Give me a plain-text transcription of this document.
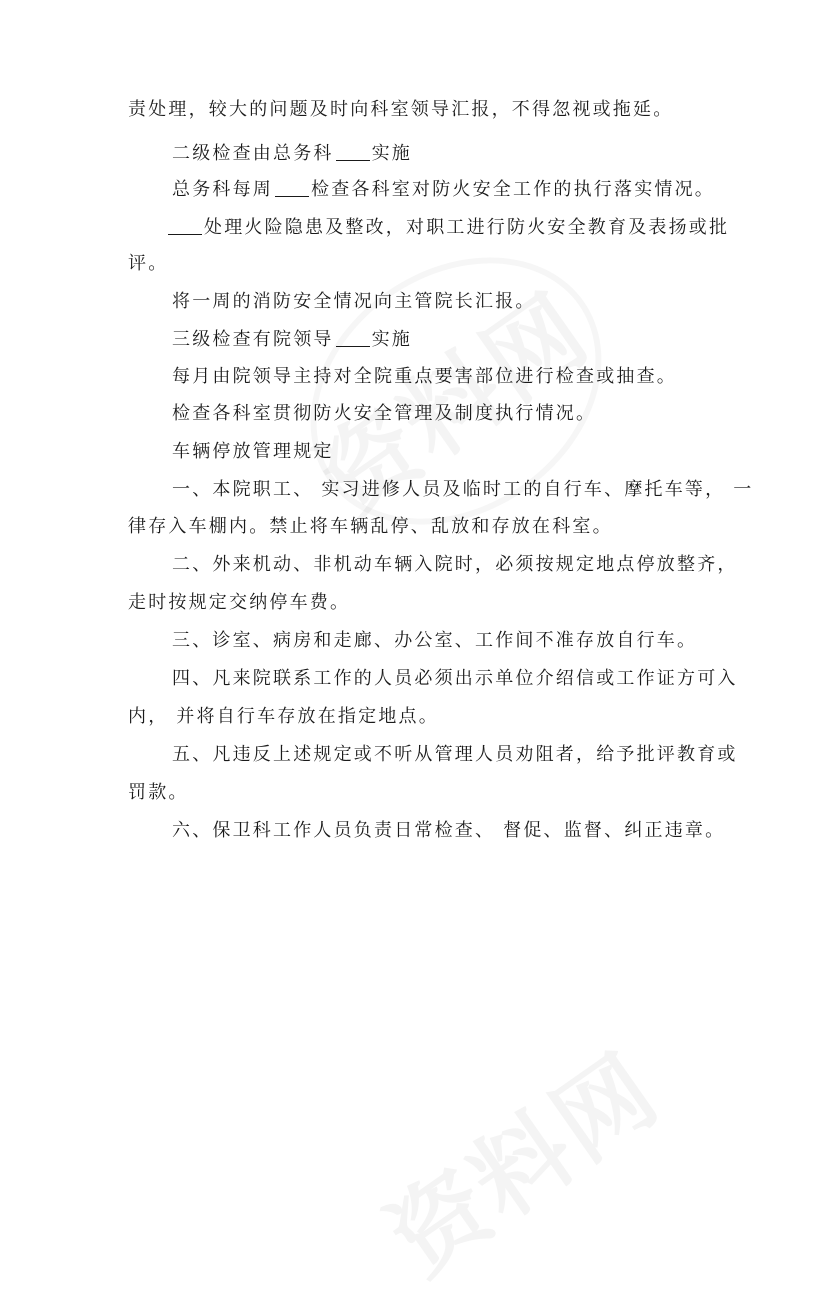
责处理，较大的问题及时向科室领导汇报，不得忽视或拖延。
二级检查由总务科 实施
总务科每周 检查各科室对防火安全工作的执行落实情况。
处理火险隐患及整改，对职工进行防火安全教育及表扬或批
评。
将一周的消防安全情况向主管院长汇报。
三级检查有院领导 实施
每月由院领导主持对全院重点要害部位进行检查或抽查。
检查各科室贯彻防火安全管理及制度执行情况。
车辆停放管理规定
一、本院职工、 实习进修人员及临时工的自行车、摩托车等， 一
律存入车棚内。禁止将车辆乱停、乱放和存放在科室。
二、外来机动、非机动车辆入院时，必须按规定地点停放整齐，
走时按规定交纳停车费。
三、诊室、病房和走廊、办公室、工作间不准存放自行车。
四、凡来院联系工作的人员必须出示单位介绍信或工作证方可入
内， 并将自行车存放在指定地点。
五、凡违反上述规定或不听从管理人员劝阻者，给予批评教育或
罚款。
六、保卫科工作人员负责日常检查、 督促、监督、纠正违章。
